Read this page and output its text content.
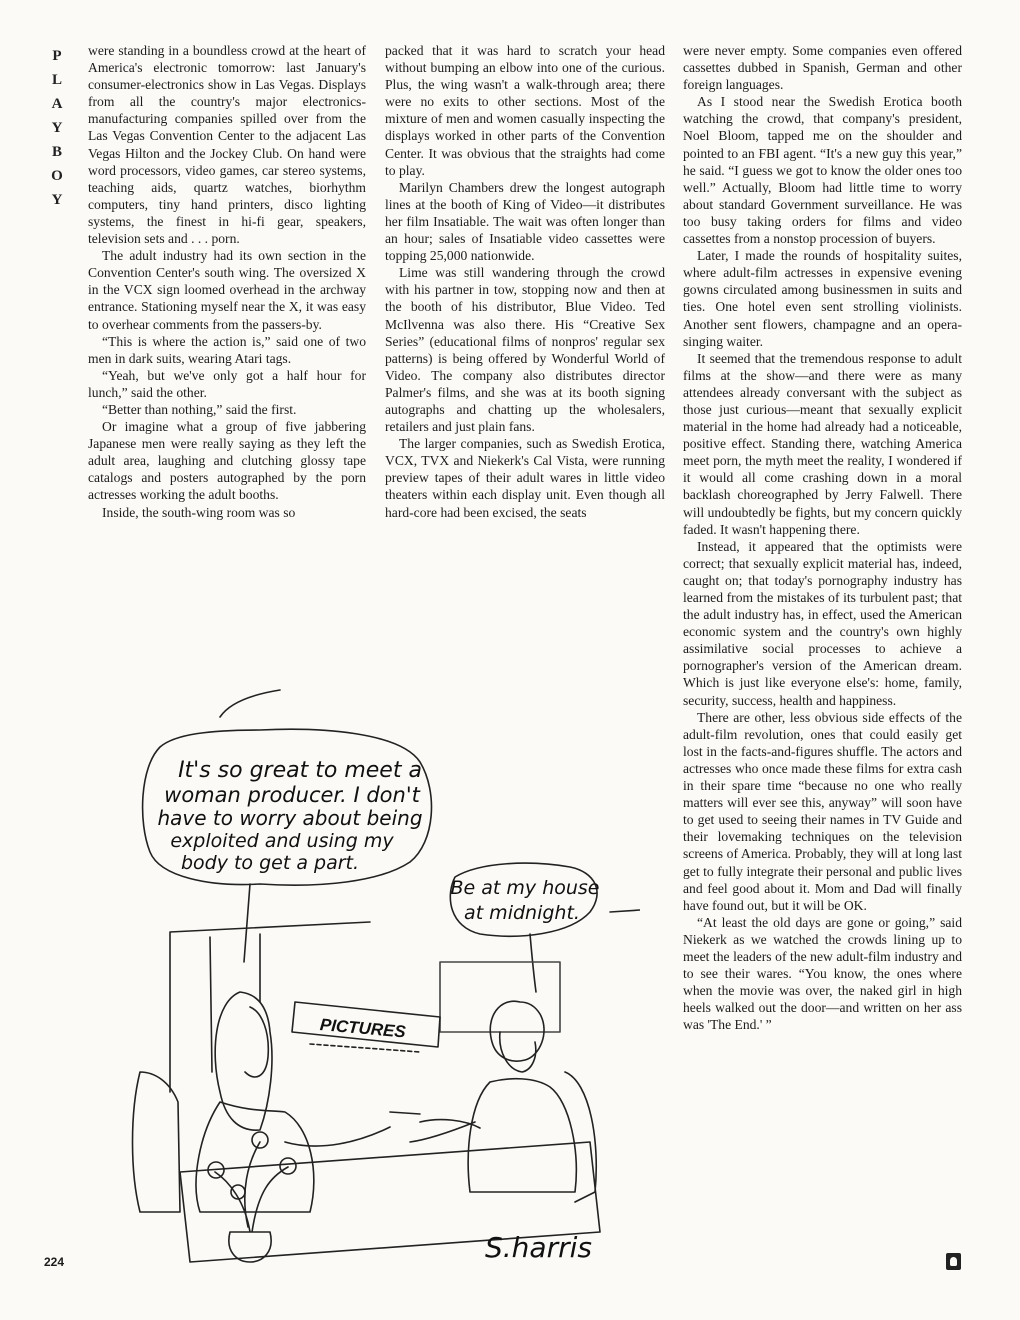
P
L
A
Y
B
O
Y

were standing in a boundless crowd at the heart of America's electronic tomorrow: last January's consumer-electronics show in Las Vegas. Displays from all the country's major electronics-manufacturing companies spilled over from the Las Vegas Convention Center to the adjacent Las Vegas Hilton and the Jockey Club. On hand were word processors, video games, car stereo systems, teaching aids, quartz watches, biorhythm computers, tiny hand printers, disco lighting systems, the finest in hi-fi gear, speakers, television sets and . . . porn.

The adult industry had its own section in the Convention Center's south wing. The oversized X in the VCX sign loomed overhead in the archway entrance. Stationing myself near the X, it was easy to overhear comments from the passers-by.

“This is where the action is,” said one of two men in dark suits, wearing Atari tags.

“Yeah, but we've only got a half hour for lunch,” said the other.

“Better than nothing,” said the first.

Or imagine what a group of five jabbering Japanese men were really saying as they left the adult area, laughing and clutching glossy tape catalogs and posters autographed by the porn actresses working the adult booths.

Inside, the south-wing room was so

packed that it was hard to scratch your head without bumping an elbow into one of the curious. Plus, the wing wasn't a walk-through area; there were no exits to other sections. Most of the mixture of men and women casually inspecting the displays worked in other parts of the Convention Center. It was obvious that the straights had come to play.

Marilyn Chambers drew the longest autograph lines at the booth of King of Video—it distributes her film Insatiable. The wait was often longer than an hour; sales of Insatiable video cassettes were topping 25,000 nationwide.

Lime was still wandering through the crowd with his partner in tow, stopping now and then at the booth of his distributor, Blue Video. Ted McIlvenna was also there. His “Creative Sex Series” (educational films of nonpros' regular sex patterns) is being offered by Wonderful World of Video. The company also distributes director Palmer's films, and she was at its booth signing autographs and chatting up the wholesalers, retailers and just plain fans.

The larger companies, such as Swedish Erotica, VCX, TVX and Niekerk's Cal Vista, were running preview tapes of their adult wares in little video theaters within each display unit. Even though all hard-core had been excised, the seats

were never empty. Some companies even offered cassettes dubbed in Spanish, German and other foreign languages.

As I stood near the Swedish Erotica booth watching the crowd, that company's president, Noel Bloom, tapped me on the shoulder and pointed to an FBI agent. “It's a new guy this year,” he said. “I guess we got to know the older ones too well.” Actually, Bloom had little time to worry about standard Government surveillance. He was too busy taking orders for films and video cassettes from a nonstop procession of buyers.

Later, I made the rounds of hospitality suites, where adult-film actresses in expensive evening gowns circulated among businessmen in suits and ties. One hotel even sent strolling violinists. Another sent flowers, champagne and an opera-singing waiter.

It seemed that the tremendous response to adult films at the show—and there were as many attendees already conversant with the subject as those just curious—meant that sexually explicit material in the home had already had a noticeable, positive effect. Standing there, watching America meet porn, the myth meet the reality, I wondered if it would all come crashing down in a moral backlash choreographed by Jerry Falwell. There will undoubtedly be fights, but my concern quickly faded. It wasn't happening there.

Instead, it appeared that the optimists were correct; that sexually explicit material has, indeed, caught on; that today's pornography industry has learned from the mistakes of its turbulent past; that the adult industry has, in effect, used the American economic system and the country's own highly assimilative social processes to achieve a pornographer's version of the American dream. Which is just like everyone else's: home, family, security, success, health and happiness.

There are other, less obvious side effects of the adult-film revolution, ones that could easily get lost in the facts-and-figures shuffle. The actors and actresses who once made these films for extra cash in their spare time “because no one who really matters will ever see this, anyway” will soon have to get used to seeing their names in TV Guide and their lovemaking techniques on the television screens of America. Probably, they will at long last get to fully integrate their personal and public lives and feel good about it. Mom and Dad will finally have found out, but it will be OK.

“At least the old days are gone or going,” said Niekerk as we watched the crowds lining up to meet the leaders of the new adult-film industry and to see their wares. “You know, the ones where when the movie was over, the naked girl in high heels walked out the door—and written on her ass was 'The End.' ”

It's so great to meet a
woman producer. I don't
have to worry about being
exploited and using my
body to get a part.
Be at my house
at midnight.
PICTURES
S.harris
224
